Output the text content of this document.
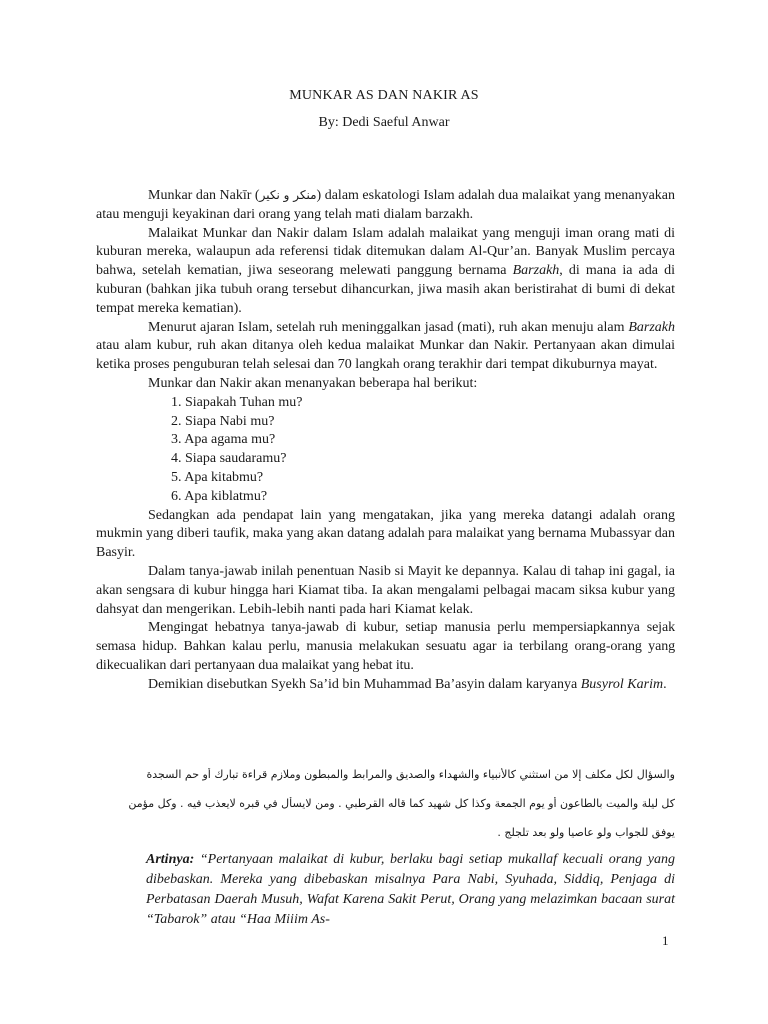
MUNKAR AS DAN NAKIR AS
By: Dedi Saeful Anwar

Munkar dan Nakīr (منكر و نكير) dalam eskatologi Islam adalah dua malaikat yang menanyakan atau menguji keyakinan dari orang yang telah mati dialam barzakh.

Malaikat Munkar dan Nakir dalam Islam adalah malaikat yang menguji iman orang mati di kuburan mereka, walaupun ada referensi tidak ditemukan dalam Al-Qur’an. Banyak Muslim percaya bahwa, setelah kematian, jiwa seseorang melewati panggung bernama Barzakh, di mana ia ada di kuburan (bahkan jika tubuh orang tersebut dihancurkan, jiwa masih akan beristirahat di bumi di dekat tempat mereka kematian).

Menurut ajaran Islam, setelah ruh meninggalkan jasad (mati), ruh akan menuju alam Barzakh atau alam kubur, ruh akan ditanya oleh kedua malaikat Munkar dan Nakir. Pertanyaan akan dimulai ketika proses penguburan telah selesai dan 70 langkah orang terakhir dari tempat dikuburnya mayat.

Munkar dan Nakir akan menanyakan beberapa hal berikut:

1. Siapakah Tuhan mu?
2. Siapa Nabi mu?
3. Apa agama mu?
4. Siapa saudaramu?
5. Apa kitabmu?
6. Apa kiblatmu?

Sedangkan ada pendapat lain yang mengatakan, jika yang mereka datangi adalah orang mukmin yang diberi taufik, maka yang akan datang adalah para malaikat yang bernama Mubassyar dan Basyir.

Dalam tanya-jawab inilah penentuan Nasib si Mayit ke depannya. Kalau di tahap ini gagal, ia akan sengsara di kubur hingga hari Kiamat tiba. Ia akan mengalami pelbagai macam siksa kubur yang dahsyat dan mengerikan. Lebih-lebih nanti pada hari Kiamat kelak.

Mengingat hebatnya tanya-jawab di kubur, setiap manusia perlu mempersiapkannya sejak semasa hidup. Bahkan kalau perlu, manusia melakukan sesuatu agar ia terbilang orang-orang yang dikecualikan dari pertanyaan dua malaikat yang hebat itu.

Demikian disebutkan Syekh Sa’id bin Muhammad Ba’asyin dalam karyanya Busyrol Karim.

والسؤال لكل مكلف إلا من استثني كالأنبياء والشهداء والصديق والمرابط والمبطون وملازم قراءة تبارك أو حم السجدة
كل ليلة والميت بالطاعون أو يوم الجمعة وكذا كل شهيد كما قاله القرطبي . ومن لايسأل في قبره لايعذب فيه . وكل مؤمن
يوفق للجواب ولو عاصيا ولو بعد تلجلج .
Artinya: “Pertanyaan malaikat di kubur, berlaku bagi setiap mukallaf kecuali orang yang dibebaskan. Mereka yang dibebaskan misalnya Para Nabi, Syuhada, Siddiq, Penjaga di Perbatasan Daerah Musuh, Wafat Karena Sakit Perut, Orang yang melazimkan bacaan surat “Tabarok” atau “Haa Miiim As-
1
